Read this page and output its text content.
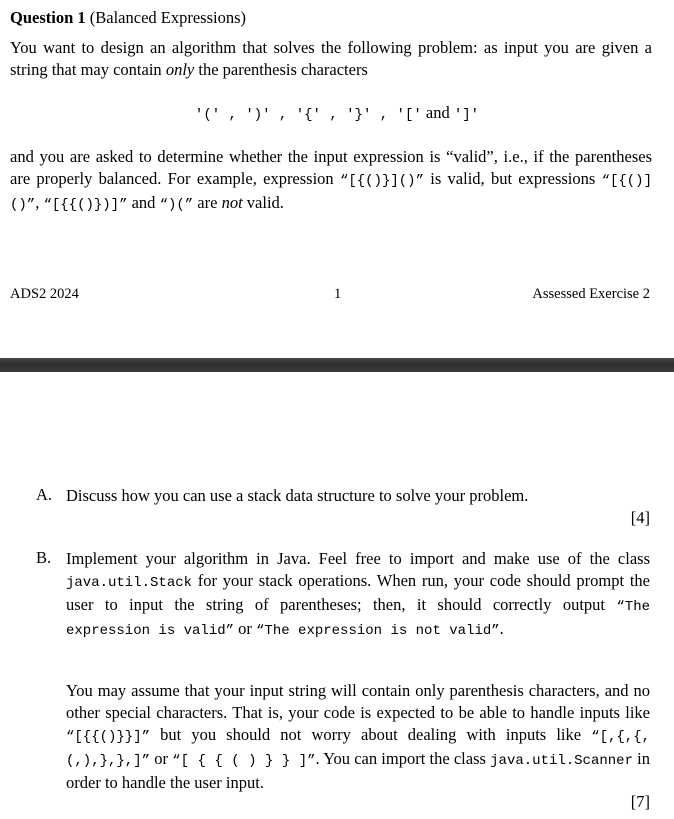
Question 1 (Balanced Expressions)
You want to design an algorithm that solves the following problem: as input you are given a string that may contain only the parenthesis characters
'(' , ')' , '{' , '}' , '[' and ']'
and you are asked to determine whether the input expression is “valid”, i.e., if the parentheses are properly balanced. For example, expression “[{()}]()” is valid, but expressions “[{()]()”, “[{{()})]” and “)(” are not valid.
ADS2 2024	1	Assessed Exercise 2
A. Discuss how you can use a stack data structure to solve your problem.
[4]
B. Implement your algorithm in Java. Feel free to import and make use of the class java.util.Stack for your stack operations. When run, your code should prompt the user to input the string of parentheses; then, it should correctly output “The expression is valid” or “The expression is not valid”.
You may assume that your input string will contain only parenthesis characters, and no other special characters. That is, your code is expected to be able to handle inputs like “[{{()}}]” but you should not worry about dealing with inputs like “[,{,{,(,),},},]” or “[ { { ( ) } } ]”. You can import the class java.util.Scanner in order to handle the user input.
[7]
